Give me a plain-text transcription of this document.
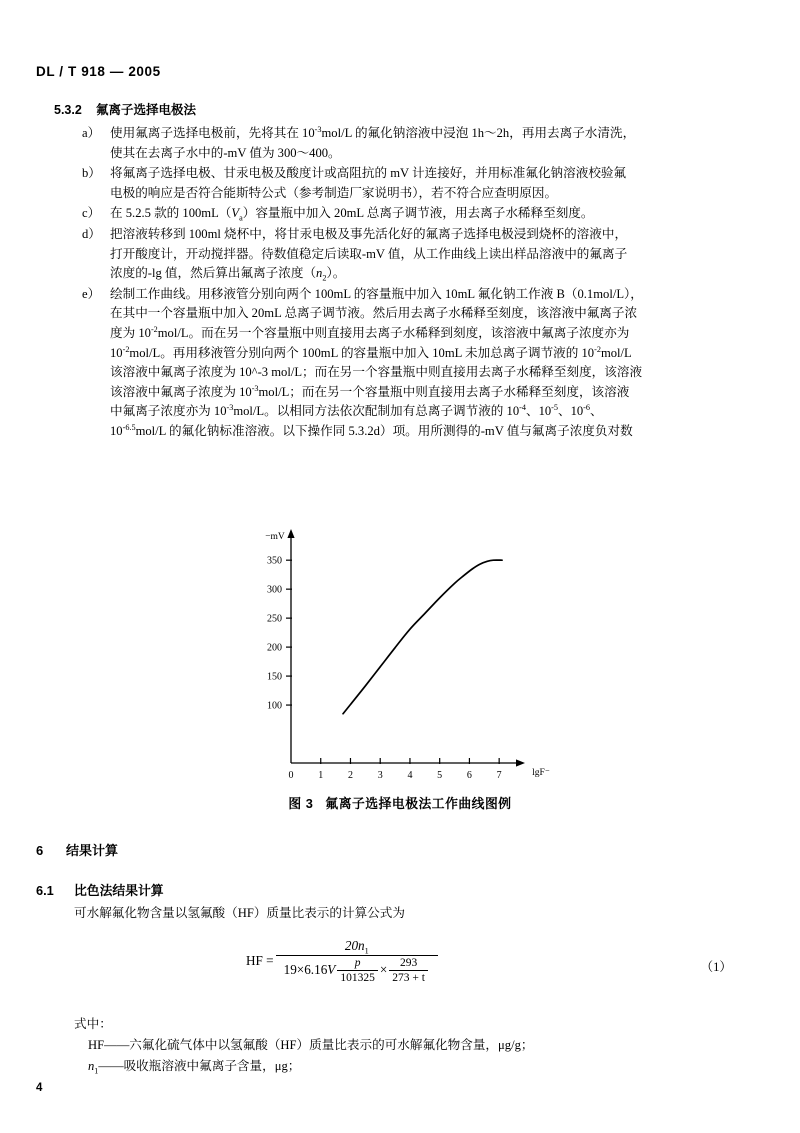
DL / T 918 — 2005
5.3.2 氟离子选择电极法
a） 使用氟离子选择电极前，先将其在 $10^{-3}mol/L$ 的氟化钠溶液中浸泡 1h～2h，再用去离子水清洗，

使其在去离子水中的-mV 值为 300～400。

b） 将氟离子选择电极、甘汞电极及酸度计或高阻抗的 mV 计连接好，并用标准氟化钠溶液校验氟

电极的响应是否符合能斯特公式（参考制造厂家说明书），若不符合应查明原因。

c） 在 5.2.5 款的 $100mL(V_a)$容量瓶中加入 20mL 总离子调节液，用去离子水稀释至刻度。

d） 把溶液转移到 100ml 烧杯中，将甘汞电极及事先活化好的氟离子选择电极浸到烧杯的溶液中，

打开酸度计，开动搅拌器。待数值稳定后读取-mV 值，从工作曲线上读出样品溶液中的氟离子

浓度的-lg 值，然后算出氟离子浓度$(n_2)$。

e） 绘制工作曲线。用移液管分别向两个 100mL 的容量瓶中加入 10mL 氟化钠工作液 B（0.1mol/L），

在其中一个容量瓶中加入 20mL 总离子调节液。然后用去离子水稀释至刻度，该溶液中氟离子浓

度为 $10^{-2}mol/L$。而在另一个容量瓶中则直接用去离子水稀释到刻度，该溶液中氟离子浓度亦为

$10^{-2}mol/L$。再用移液管分别向两个 100mL 的容量瓶中加入 10mL 未加总离子调节液的 $10^{-2}mol/L$

该溶液中氟离子浓度为 10^-3 mol/L；而在另一个容量瓶中则直接用去离子水稀释至刻度，该溶液

该溶液中氟离子浓度为 $10^{-3}mol/L$；而在另一个容量瓶中则直接用去离子水稀释至刻度，该溶液

中氟离子浓度亦为 $10^{-3}mol/L$。以相同方法依次配制加有总离子调节液的 $10^{-4}$、$10^{-5}$、$10^{-6}$、

$10^{-6.5}mol/L$ 的氟化钠标准溶液。以下操作同 5.3.2d）项。用所测得的-mV 值与氟离子浓度负对数

100
150
200
250
300
350
0 1 2 3 4 5 6 7
−mV
lgF⁻
图 3 氟离子选择电极法工作曲线图例
6 结果计算
6.1 比色法结果计算
可水解氟化物含量以氢氟酸（HF）质量比表示的计算公式为
HF =
$20n_1$
19×6.16 V $\frac{p}{101325} \times \frac{293}{273 + t}$	（1）
式中：
HF——六氟化硫气体中以氢氟酸（HF）质量比表示的可水解氟化物含量，μg/g；
$n_1——$吸收瓶溶液中氟离子含量，μg；
4
